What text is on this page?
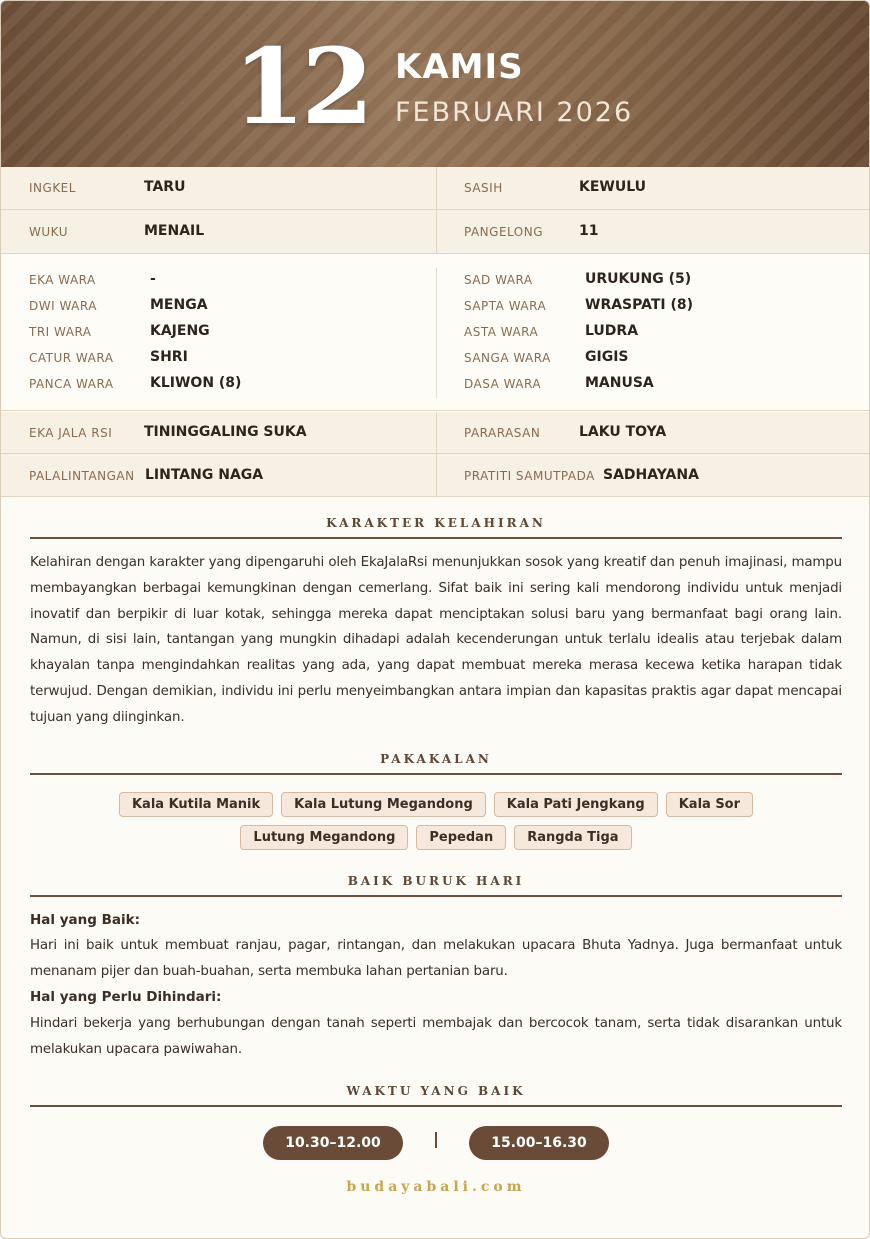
12 KAMIS
FEBRUARI 2026
INGKEL	TARU	SASIH	KEWULU
WUKU	MENAIL	PANGELONG	11
EKA WARA	-
DWI WARA	MENGA
TRI WARA	KAJENG
CATUR WARA	SHRI
PANCA WARA	KLIWON (8)
SAD WARA	URUKUNG (5)
SAPTA WARA	WRASPATI (8)
ASTA WARA	LUDRA
SANGA WARA GIGIS
DASA WARA	MANUSA
EKA JALA RSI TININGGALING SUKA	PARARASAN	LAKU TOYA
PALALINTANGAN LINTANG NAGA	PRATITI SAMUTPADA SADHAYANA
KARAKTER KELAHIRAN
Kelahiran dengan karakter yang dipengaruhi oleh EkaJalaRsi menunjukkan sosok yang kreatif dan penuh imajinasi, mampu membayangkan berbagai kemungkinan dengan cemerlang. Sifat baik ini sering kali mendorong individu untuk menjadi inovatif dan berpikir di luar kotak, sehingga mereka dapat menciptakan solusi baru yang bermanfaat bagi orang lain. Namun, di sisi lain, tantangan yang mungkin dihadapi adalah kecenderungan untuk terlalu idealis atau terjebak dalam khayalan tanpa mengindahkan realitas yang ada, yang dapat membuat mereka merasa kecewa ketika harapan tidak terwujud. Dengan demikian, individu ini perlu menyeimbangkan antara impian dan kapasitas praktis agar dapat mencapai tujuan yang diinginkan.
PAKAKALAN
Kala Kutila Manik	Kala Lutung Megandong	Kala Pati Jengkang	Kala Sor Lutung Megandong	Pepedan	Rangda Tiga
BAIK BURUK HARI
Hal yang Baik:
Hari ini baik untuk membuat ranjau, pagar, rintangan, dan melakukan upacara Bhuta Yadnya. Juga bermanfaat untuk menanam pijer dan buah-buahan, serta membuka lahan pertanian baru.
Hal yang Perlu Dihindari:
Hindari bekerja yang berhubungan dengan tanah seperti membajak dan bercocok tanam, serta tidak disarankan untuk melakukan upacara pawiwahan.
WAKTU YANG BAIK
10.30–12.00	15.00–16.30
budayabali.com
